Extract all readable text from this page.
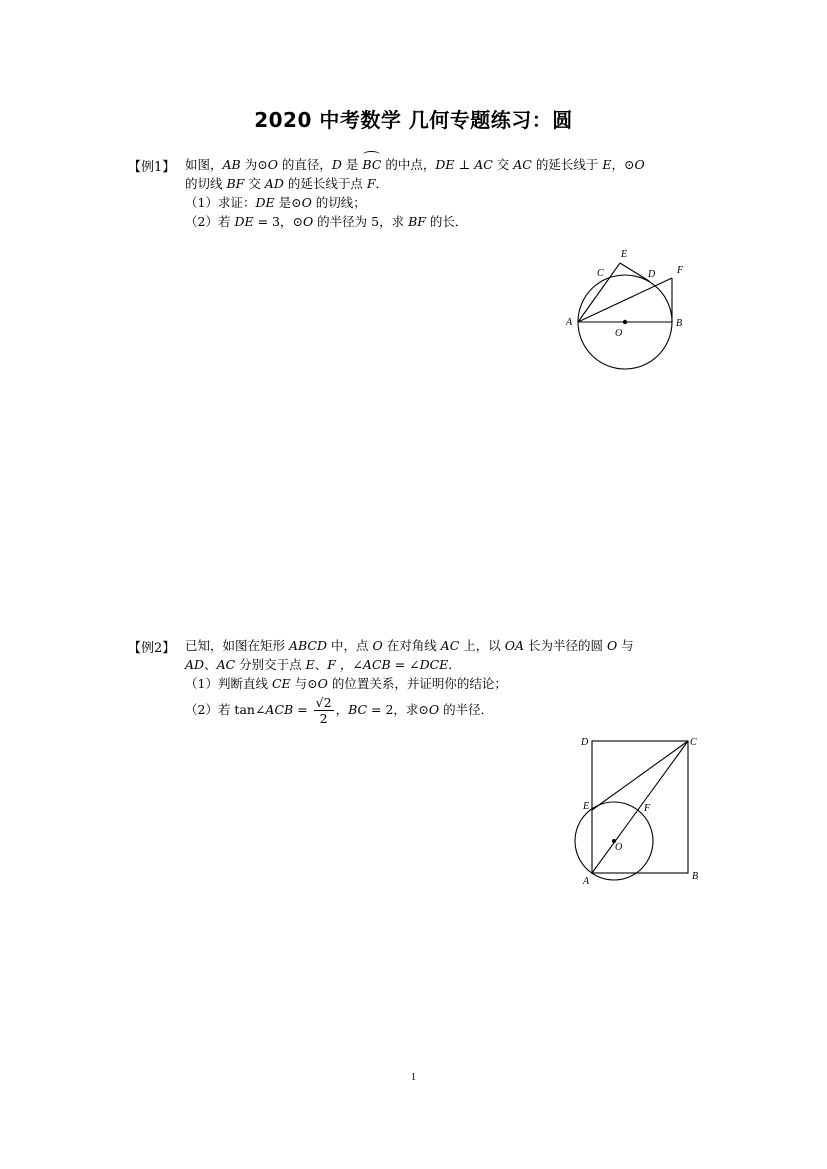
2020 中考数学 几何专题练习：圆
【例1】 如图，AB 为⊙O 的直径，D 是 BC 的中点，DE ⊥ AC 交 AC 的延长线于 E，⊙O
的切线 BF 交 AD 的延长线于点 F．
（1）求证：DE 是⊙O 的切线；
（2）若 DE = 3，⊙O 的半径为 5，求 BF 的长．
A	B
C	D
E
F
O
【例2】 已知，如图在矩形 ABCD 中，点 O 在对角线 AC 上，以 OA 长为半径的圆 O 与
AD、AC 分别交于点 E、F ，∠ACB = ∠DCE．
（1）判断直线 CE 与⊙O 的位置关系，并证明你的结论；
（2）若 tan∠ACB = $\frac{√2}{2}$ ，BC = 2，求⊙O 的半径．
D	C
E	F
O
A	B
1
